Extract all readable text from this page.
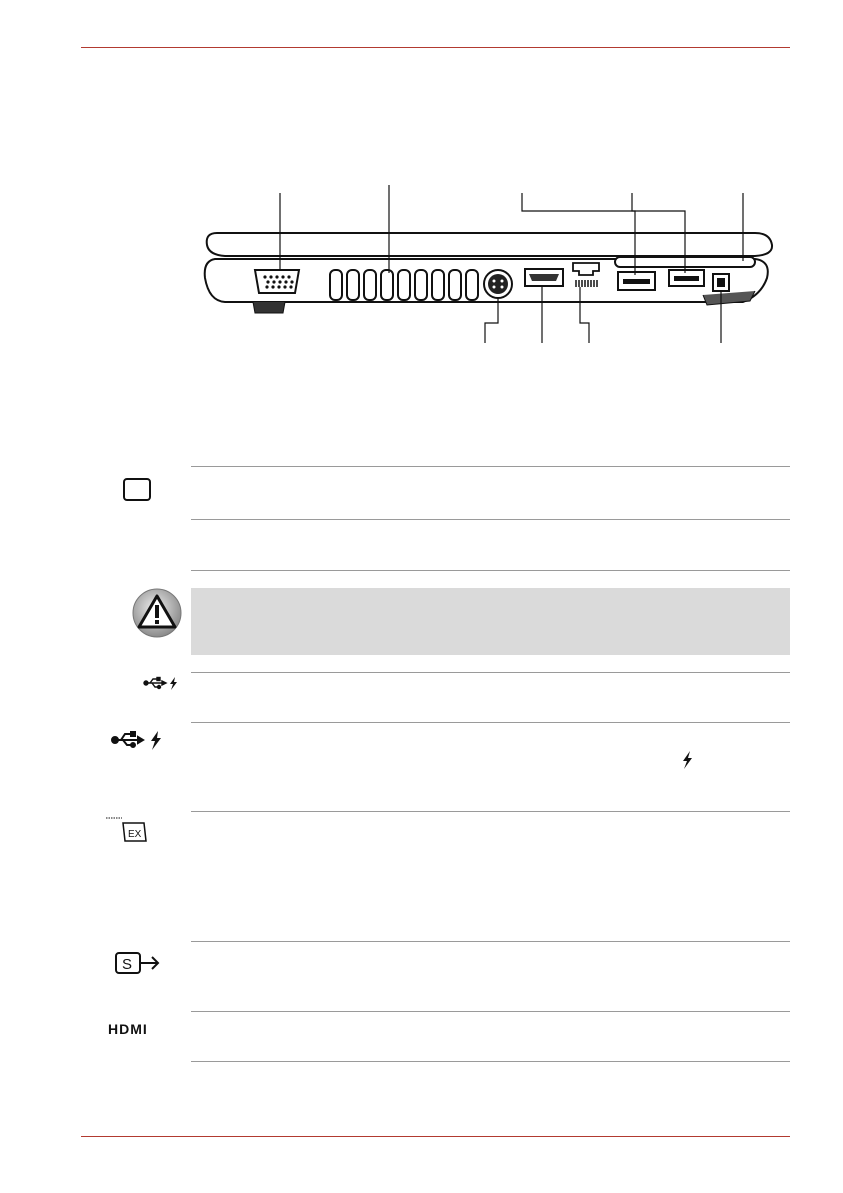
EX
S
HDMI
